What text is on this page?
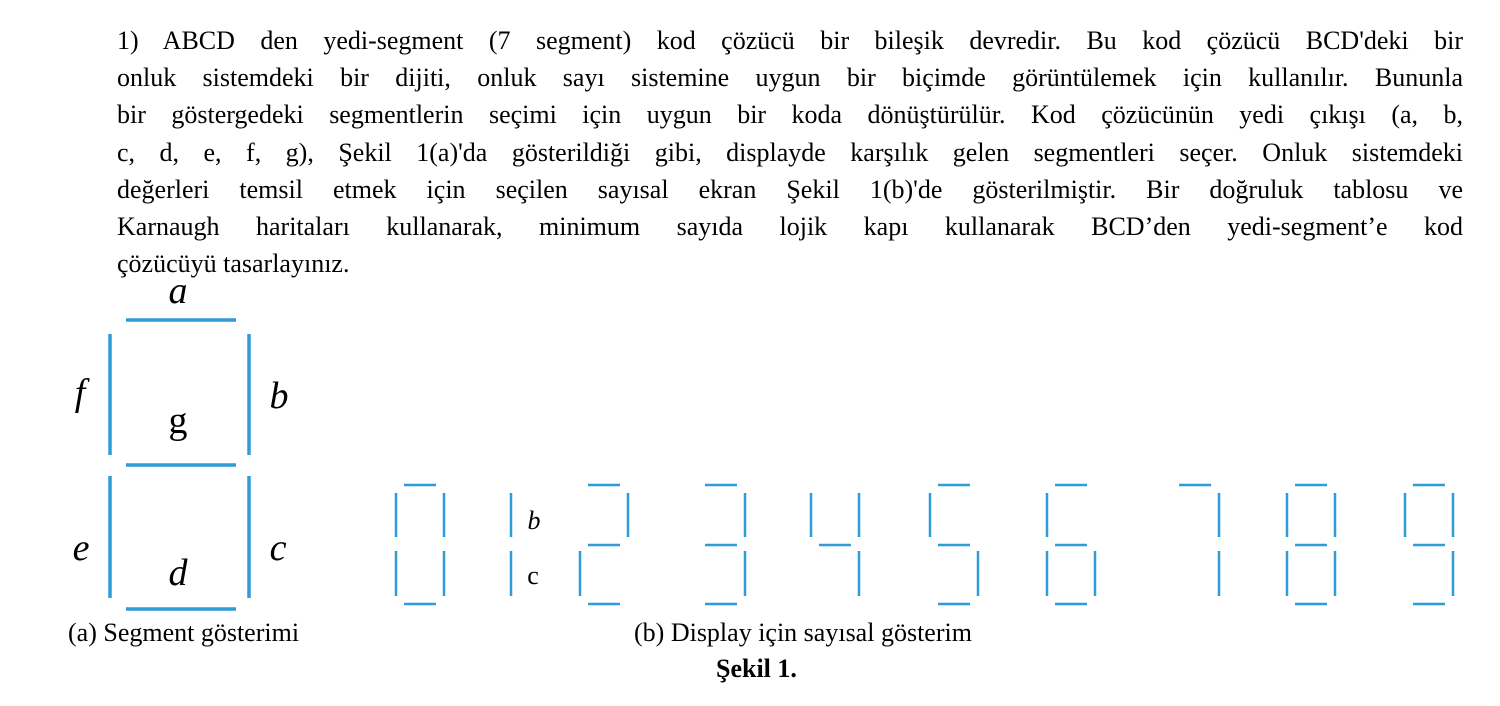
1) ABCD den yedi-segment (7 segment) kod çözücü bir bileşik devredir. Bu kod çözücü BCD'deki bir
onluk sistemdeki bir dijiti, onluk sayı sistemine uygun bir biçimde görüntülemek için kullanılır. Bununla
bir göstergedeki segmentlerin seçimi için uygun bir koda dönüştürülür. Kod çözücünün yedi çıkışı (a, b,
c, d, e, f, g), Şekil 1(a)'da gösterildiği gibi, displayde karşılık gelen segmentleri seçer. Onluk sistemdeki
değerleri temsil etmek için seçilen sayısal ekran Şekil 1(b)'de gösterilmiştir. Bir doğruluk tablosu ve
Karnaugh haritaları kullanarak, minimum sayıda lojik kapı kullanarak BCD’den yedi-segment’e kod
çözücüyü tasarlayınız.
a
f	b
g
e	c
d
b
c
(a) Segment gösterimi	(b) Display için sayısal gösterim
Şekil 1.
